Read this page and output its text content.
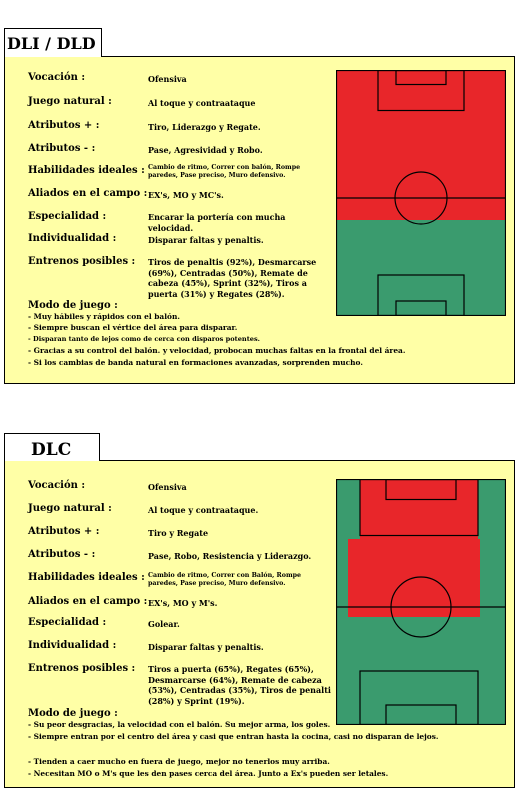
DLI / DLD
Vocación :	Ofensiva
Juego natural :	Al toque y contraataque
Atributos + :	Tiro, Liderazgo y Regate.
Atributos - :	Pase, Agresividad y Robo.
Habilidades ideales : Cambio de ritmo, Correr con balón, Rompe paredes, Pase preciso, Muro defensivo.
Aliados en el campo : EX's, MO y MC's.
Especialidad :	Encarar la portería con mucha velocidad.
Individualidad :	Disparar faltas y penaltis.
Entrenos posibles : Tiros de penaltis (92%), Desmarcarse (69%), Centradas (50%), Remate de cabeza (45%), Sprint (32%), Tiros a puerta (31%) y Regates (28%).
Modo de juego :
- Muy hábiles y rápidos con el balón.
- Siempre buscan el vértice del área para disparar.
- Disparan tanto de lejos como de cerca con disparos potentes.
- Gracias a su control del balón. y velocidad, probocan muchas faltas en la frontal del área.
- Si los cambias de banda natural en formaciones avanzadas, sorprenden mucho.
DLC
Vocación :	Ofensiva
Juego natural :	Al toque y contraataque.
Atributos + :	Tiro y Regate
Atributos - :	Pase, Robo, Resistencia y Liderazgo.
Habilidades ideales : Cambio de ritmo, Correr con Balón, Rompe paredes, Pase preciso, Muro defensivo.
Aliados en el campo : EX's, MO y M's.
Especialidad :	Golear.
Individualidad :	Disparar faltas y penaltis.
Entrenos posibles : Tiros a puerta (65%), Regates (65%), Desmarcarse (64%), Remate de cabeza (53%), Centradas (35%), Tiros de penalti (28%) y Sprint (19%).
Modo de juego :
- Su peor desgracias, la velocidad con el balón. Su mejor arma, los goles.
- Siempre entran por el centro del área y casi que entran hasta la cocina, casi no disparan de lejos.
- Tienden a caer mucho en fuera de juego, mejor no tenerlos muy arriba.
- Necesitan MO o M's que les den pases cerca del área. Junto a Ex's pueden ser letales.
